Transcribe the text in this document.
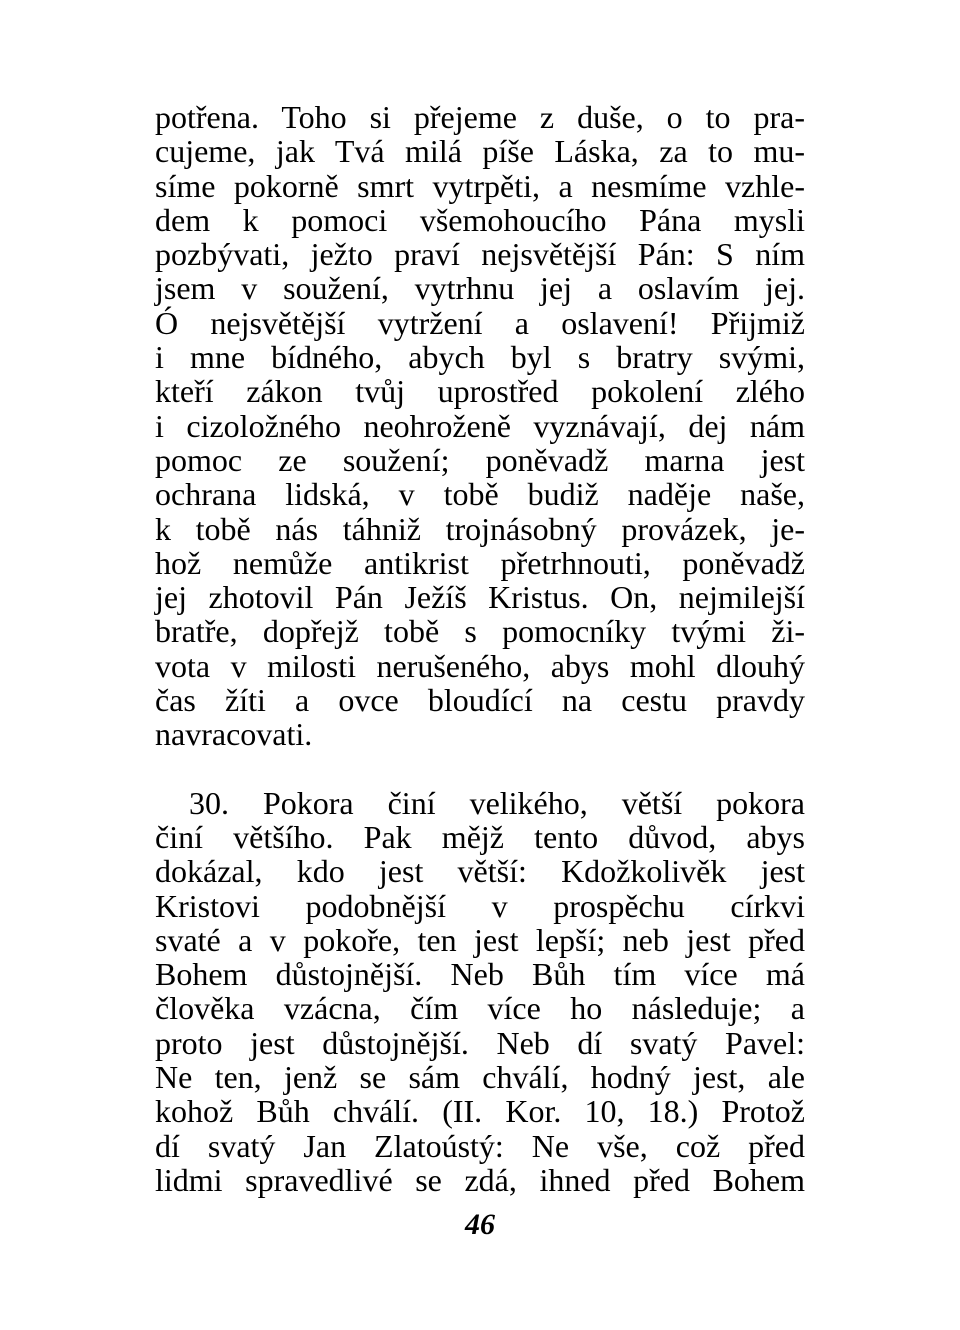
potřena. Toho si přejeme z duše, o to pra-
cujeme, jak Tvá milá píše Láska, za to mu-
síme pokorně smrt vytrpěti, a nesmíme vzhle-
dem k pomoci všemohoucího Pána mysli
pozbývati, ježto praví nejsvětější Pán: S ním
jsem v soužení, vytrhnu jej a oslavím jej.
Ó nejsvětější vytržení a oslavení! Přijmiž
i mne bídného, abych byl s bratry svými,
kteří zákon tvůj uprostřed pokolení zlého
i cizoložného neohroženě vyznávají, dej nám
pomoc ze soužení; poněvadž marna jest
ochrana lidská, v tobě budiž naděje naše,
k tobě nás táhniž trojnásobný provázek, je-
hož nemůže antikrist přetrhnouti, poněvadž
jej zhotovil Pán Ježíš Kristus. On, nejmilejší
bratře, dopřejž tobě s pomocníky tvými ži-
vota v milosti nerušeného, abys mohl dlouhý
čas žíti a ovce bloudící na cestu pravdy
navracovati.
30. Pokora činí velikého, větší pokora
činí většího. Pak mějž tento důvod, abys
dokázal, kdo jest větší: Kdožkolivěk jest
Kristovi podobnější v prospěchu církvi
svaté a v pokoře, ten jest lepší; neb jest před
Bohem důstojnější. Neb Bůh tím více má
člověka vzácna, čím více ho následuje; a
proto jest důstojnější. Neb dí svatý Pavel:
Ne ten, jenž se sám chválí, hodný jest, ale
kohož Bůh chválí. (II. Kor. 10, 18.) Protož
dí svatý Jan Zlatoústý: Ne vše, což před
lidmi spravedlivé se zdá, ihned před Bohem
46
